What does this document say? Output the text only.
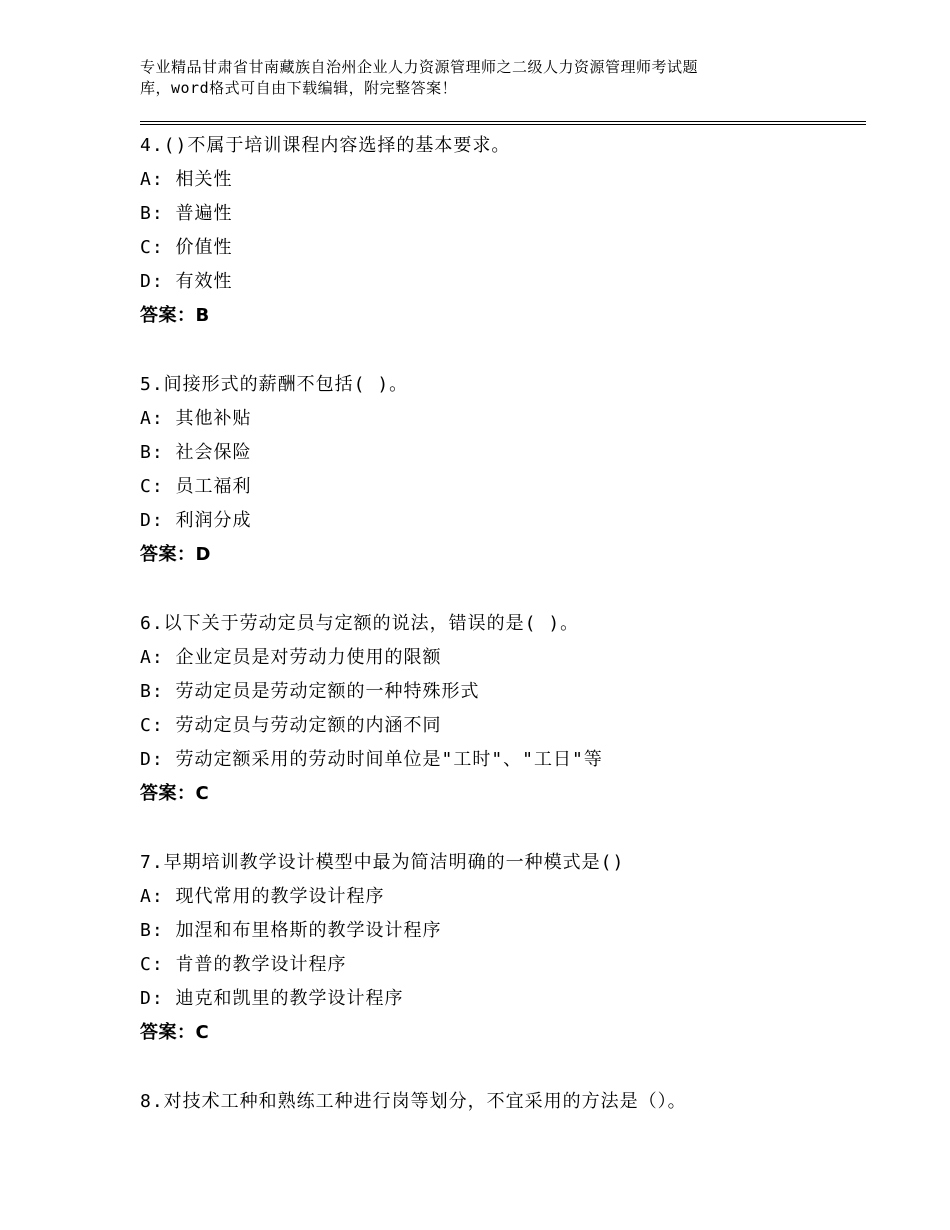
专业精品甘肃省甘南藏族自治州企业人力资源管理师之二级人力资源管理师考试题
库，word格式可自由下载编辑，附完整答案！
4.()不属于培训课程内容选择的基本要求。
A: 相关性
B: 普遍性
C: 价值性
D: 有效性
答案：B
5.间接形式的薪酬不包括( )。
A: 其他补贴
B: 社会保险
C: 员工福利
D: 利润分成
答案：D
6.以下关于劳动定员与定额的说法，错误的是( )。
A: 企业定员是对劳动力使用的限额
B: 劳动定员是劳动定额的一种特殊形式
C: 劳动定员与劳动定额的内涵不同
D: 劳动定额采用的劳动时间单位是"工时"、"工日"等
答案：C
7.早期培训教学设计模型中最为简洁明确的一种模式是()
A: 现代常用的教学设计程序
B: 加涅和布里格斯的教学设计程序
C: 肯普的教学设计程序
D: 迪克和凯里的教学设计程序
答案：C
8.对技术工种和熟练工种进行岗等划分，不宜采用的方法是（）。
